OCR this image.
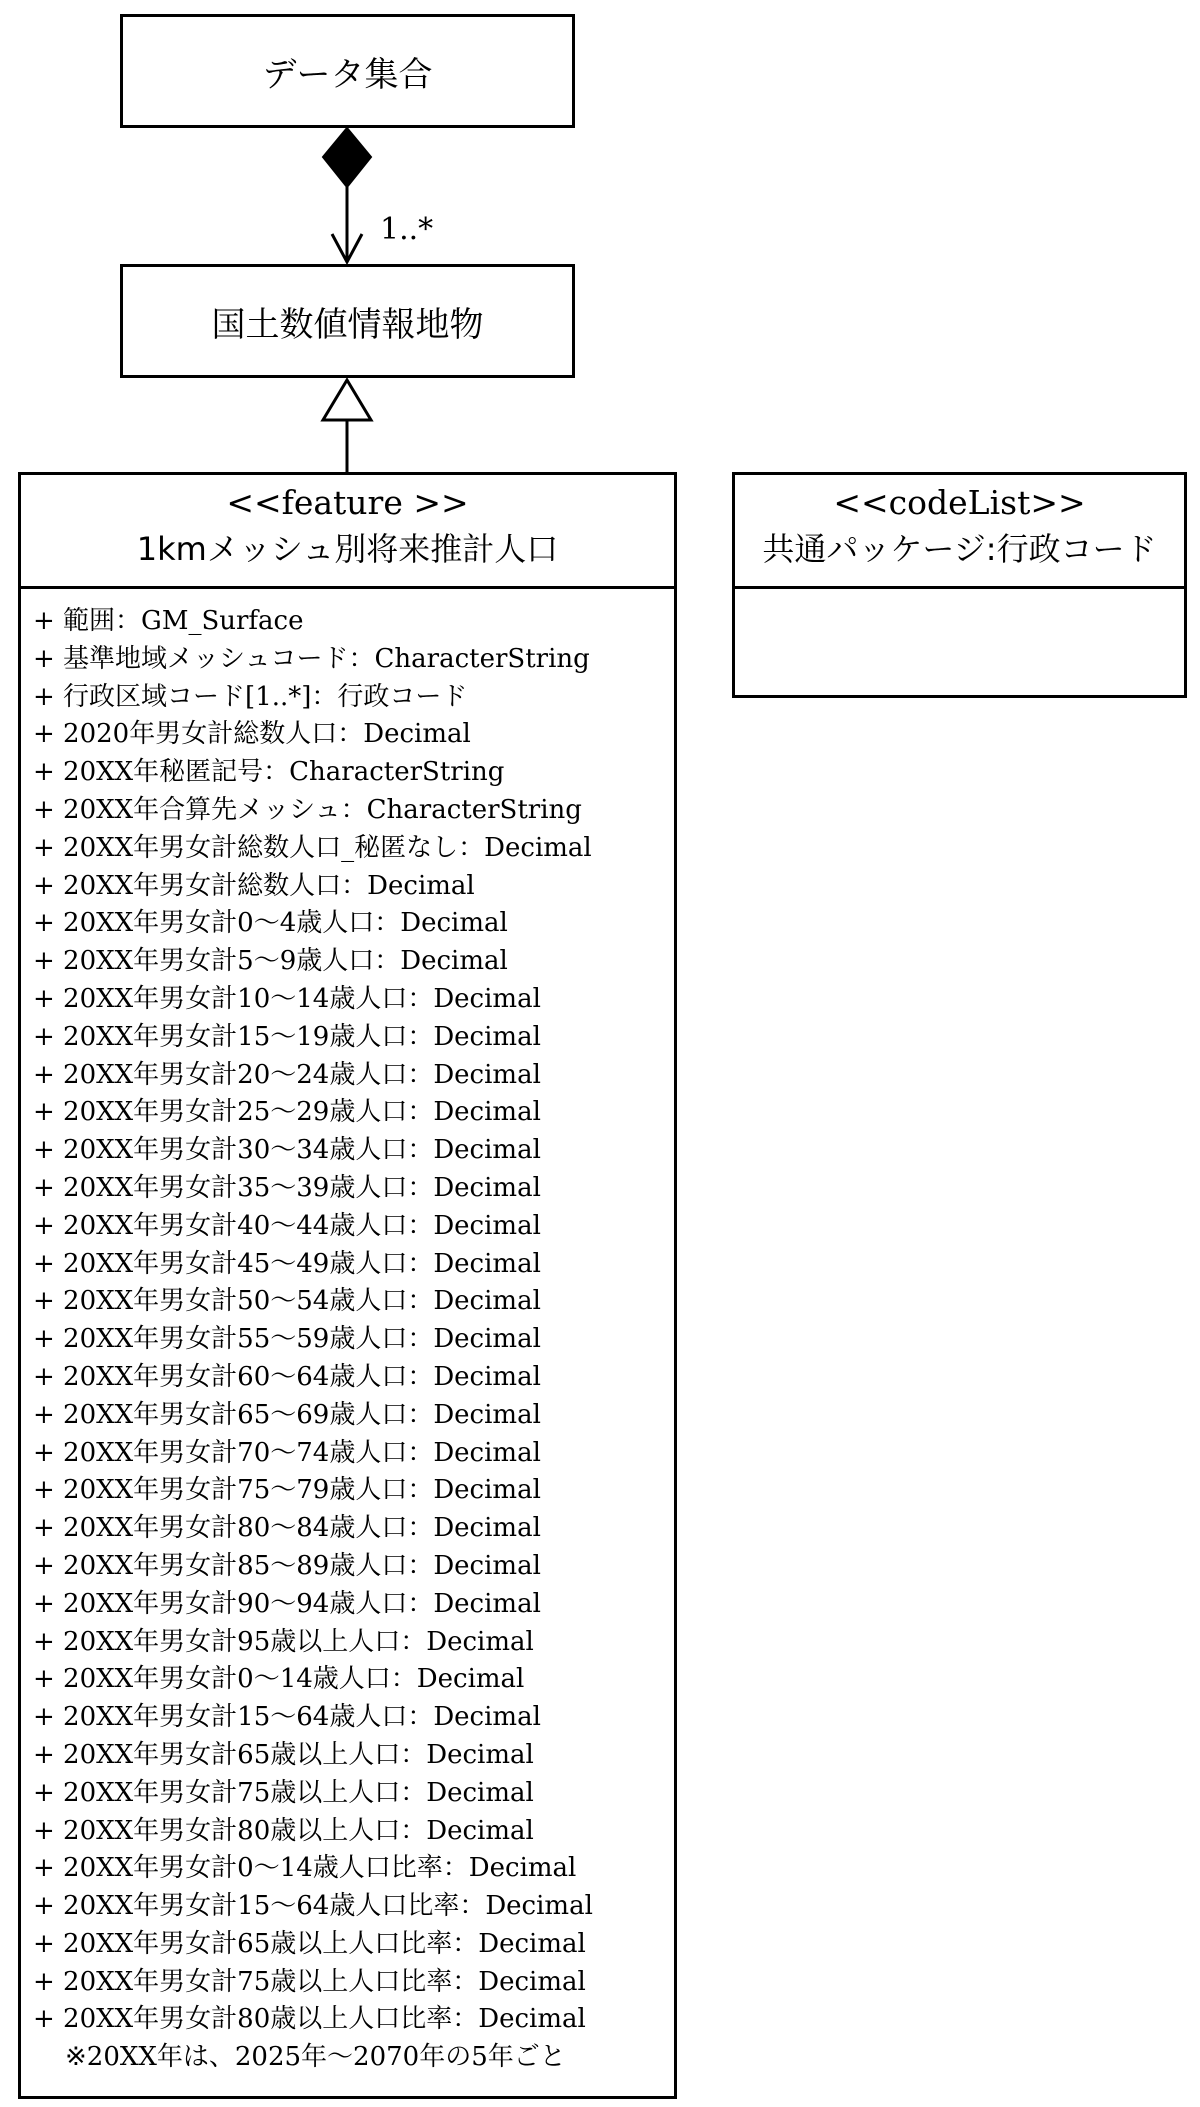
データ集合
国土数値情報地物
1..*
<<feature >>
1kmメッシュ別将来推計人口
+ 範囲：GM_Surface
+ 基準地域メッシュコード：CharacterString
+ 行政区域コード[1..*]：行政コード
+ 2020年男女計総数人口：Decimal
+ 20XX年秘匿記号：CharacterString
+ 20XX年合算先メッシュ：CharacterString
+ 20XX年男女計総数人口_秘匿なし：Decimal
+ 20XX年男女計総数人口：Decimal
+ 20XX年男女計0〜4歳人口：Decimal
+ 20XX年男女計5〜9歳人口：Decimal
+ 20XX年男女計10〜14歳人口：Decimal
+ 20XX年男女計15〜19歳人口：Decimal
+ 20XX年男女計20〜24歳人口：Decimal
+ 20XX年男女計25〜29歳人口：Decimal
+ 20XX年男女計30〜34歳人口：Decimal
+ 20XX年男女計35〜39歳人口：Decimal
+ 20XX年男女計40〜44歳人口：Decimal
+ 20XX年男女計45〜49歳人口：Decimal
+ 20XX年男女計50〜54歳人口：Decimal
+ 20XX年男女計55〜59歳人口：Decimal
+ 20XX年男女計60〜64歳人口：Decimal
+ 20XX年男女計65〜69歳人口：Decimal
+ 20XX年男女計70〜74歳人口：Decimal
+ 20XX年男女計75〜79歳人口：Decimal
+ 20XX年男女計80〜84歳人口：Decimal
+ 20XX年男女計85〜89歳人口：Decimal
+ 20XX年男女計90〜94歳人口：Decimal
+ 20XX年男女計95歳以上人口：Decimal
+ 20XX年男女計0〜14歳人口：Decimal
+ 20XX年男女計15〜64歳人口：Decimal
+ 20XX年男女計65歳以上人口：Decimal
+ 20XX年男女計75歳以上人口：Decimal
+ 20XX年男女計80歳以上人口：Decimal
+ 20XX年男女計0〜14歳人口比率：Decimal
+ 20XX年男女計15〜64歳人口比率：Decimal
+ 20XX年男女計65歳以上人口比率：Decimal
+ 20XX年男女計75歳以上人口比率：Decimal
+ 20XX年男女計80歳以上人口比率：Decimal
※20XX年は、2025年〜2070年の5年ごと
<<codeList>>
共通パッケージ:行政コード
